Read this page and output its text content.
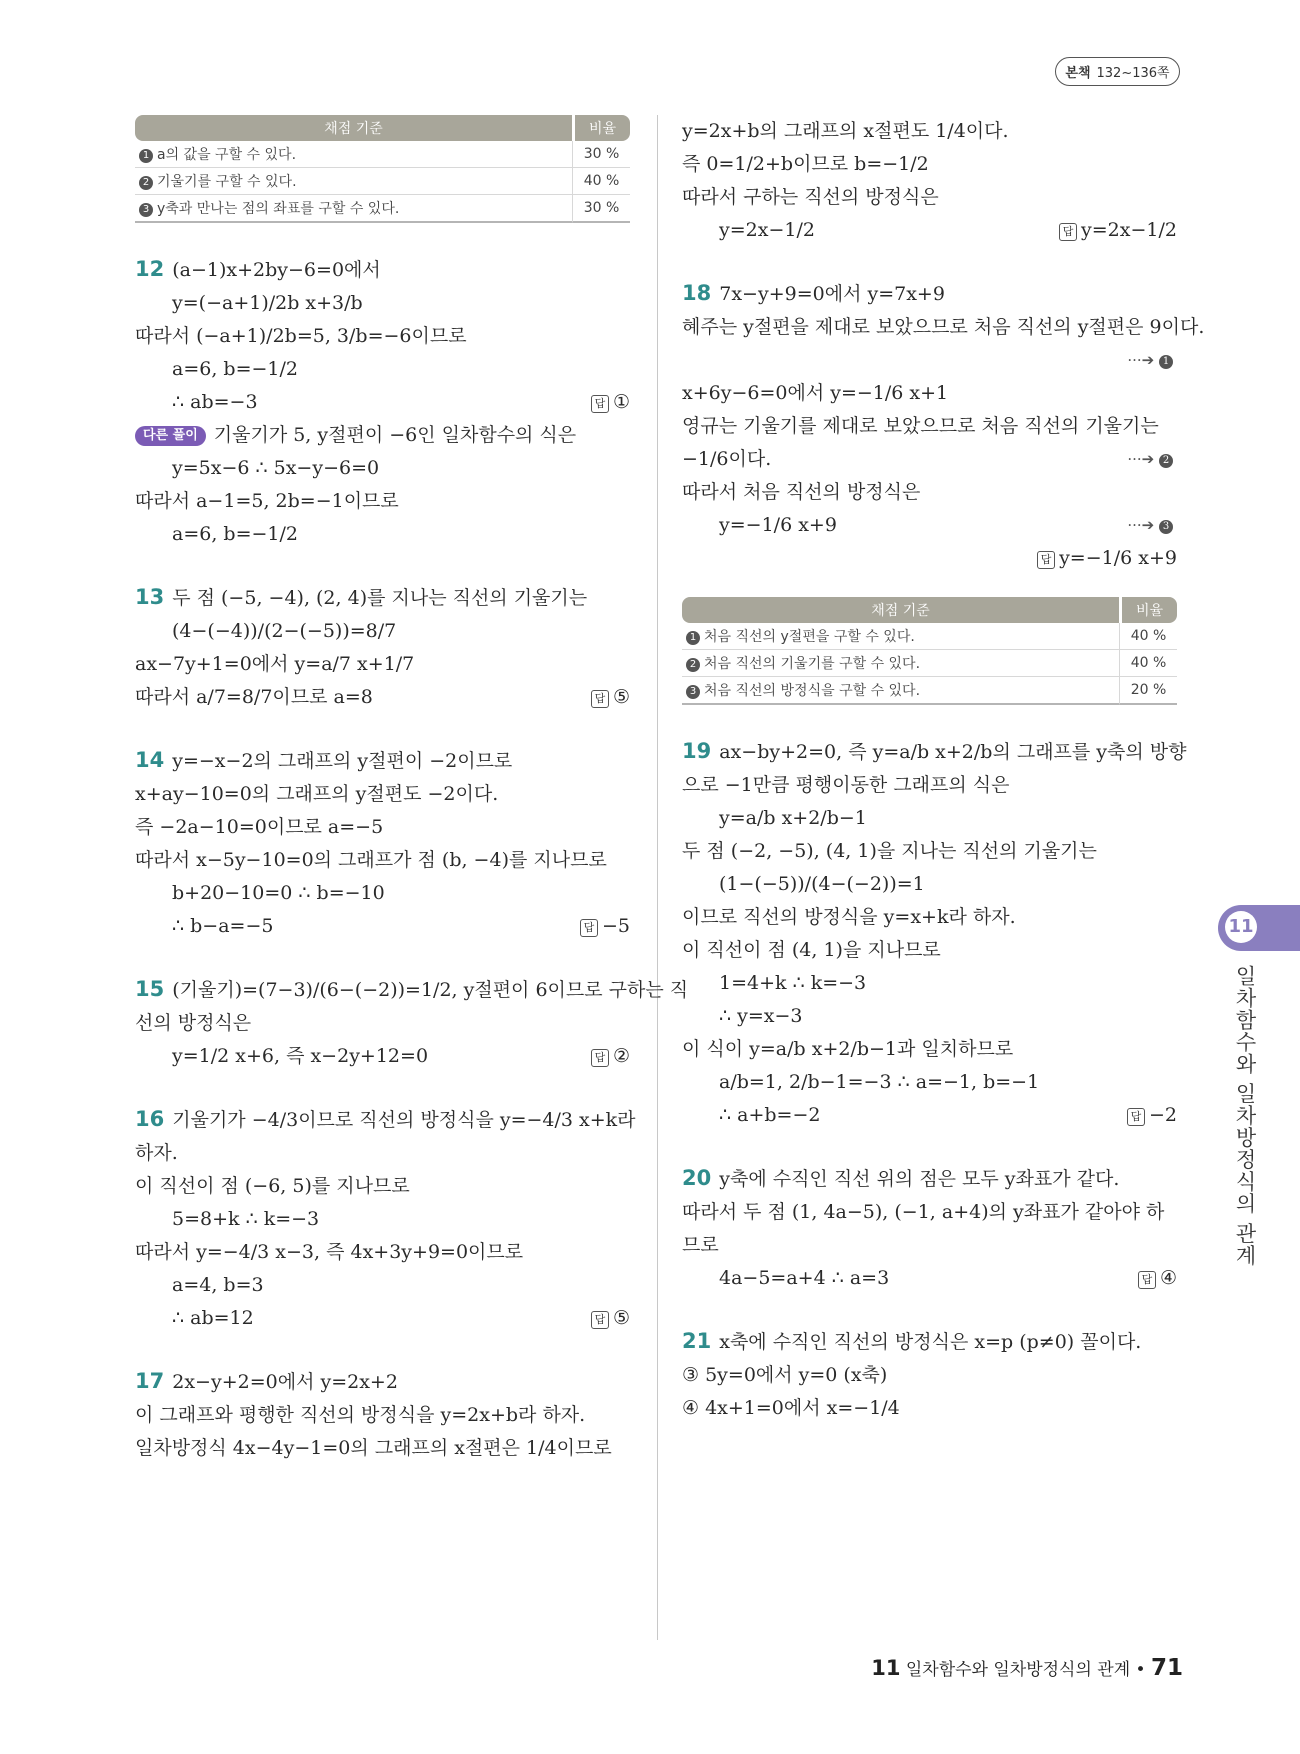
본책 132~136쪽
채점 기준	비율
1 a의 값을 구할 수 있다.	30 %
2 기울기를 구할 수 있다.	40 %
3 y축과 만나는 점의 좌표를 구할 수 있다.	30 %
12 (a−1)x+2by−6=0에서
y=(−a+1)/2b x+3/b
따라서 (−a+1)/2b=5, 3/b=−6이므로
a=6, b=−1/2
∴ ab=−3	답 ①
다른 풀이 기울기가 5, y절편이 −6인 일차함수의 식은
y=5x−6 ∴ 5x−y−6=0
따라서 a−1=5, 2b=−1이므로
a=6, b=−1/2
13 두 점 (−5, −4), (2, 4)를 지나는 직선의 기울기는
(4−(−4))/(2−(−5))=8/7
ax−7y+1=0에서 y=a/7 x+1/7
따라서 a/7=8/7이므로 a=8	답 ⑤
14 y=−x−2의 그래프의 y절편이 −2이므로
x+ay−10=0의 그래프의 y절편도 −2이다.
즉 −2a−10=0이므로 a=−5
따라서 x−5y−10=0의 그래프가 점 (b, −4)를 지나므로
b+20−10=0 ∴ b=−10
∴ b−a=−5	답 −5
15 (기울기)=(7−3)/(6−(−2))=1/2, y절편이 6이므로 구하는 직
선의 방정식은
y=1/2 x+6, 즉 x−2y+12=0	답 ②
16 기울기가 −4/3이므로 직선의 방정식을 y=−4/3 x+k라
하자.
이 직선이 점 (−6, 5)를 지나므로
5=8+k ∴ k=−3
따라서 y=−4/3 x−3, 즉 4x+3y+9=0이므로
a=4, b=3
∴ ab=12	답 ⑤
17 2x−y+2=0에서 y=2x+2
이 그래프와 평행한 직선의 방정식을 y=2x+b라 하자.
일차방정식 4x−4y−1=0의 그래프의 x절편은 1/4이므로
y=2x+b의 그래프의 x절편도 1/4이다.
즉 0=1/2+b이므로 b=−1/2
따라서 구하는 직선의 방정식은
y=2x−1/2	답 y=2x−1/2
18 7x−y+9=0에서 y=7x+9
혜주는 y절편을 제대로 보았으므로 처음 직선의 y절편은 9이다.
···➔ 1
x+6y−6=0에서 y=−1/6 x+1
영규는 기울기를 제대로 보았으므로 처음 직선의 기울기는
−1/6이다.	···➔ 2
따라서 처음 직선의 방정식은
y=−1/6 x+9	···➔ 3
답 y=−1/6 x+9
채점 기준	비율
1 처음 직선의 y절편을 구할 수 있다.	40 %
2 처음 직선의 기울기를 구할 수 있다.	40 %
3 처음 직선의 방정식을 구할 수 있다.	20 %
19 ax−by+2=0, 즉 y=a/b x+2/b의 그래프를 y축의 방향
으로 −1만큼 평행이동한 그래프의 식은
y=a/b x+2/b−1
두 점 (−2, −5), (4, 1)을 지나는 직선의 기울기는
(1−(−5))/(4−(−2))=1
이므로 직선의 방정식을 y=x+k라 하자.
이 직선이 점 (4, 1)을 지나므로
1=4+k ∴ k=−3
∴ y=x−3
이 식이 y=a/b x+2/b−1과 일치하므로
a/b=1, 2/b−1=−3 ∴ a=−1, b=−1
∴ a+b=−2	답 −2
20 y축에 수직인 직선 위의 점은 모두 y좌표가 같다.
따라서 두 점 (1, 4a−5), (−1, a+4)의 y좌표가 같아야 하
므로
4a−5=a+4 ∴ a=3	답 ④
21 x축에 수직인 직선의 방정식은 x=p (p≠0) 꼴이다.
③ 5y=0에서 y=0 (x축)
④ 4x+1=0에서 x=−1/4
11
일차함수와 일차방정식의 관계
11 일차함수와 일차방정식의 관계 • 71
